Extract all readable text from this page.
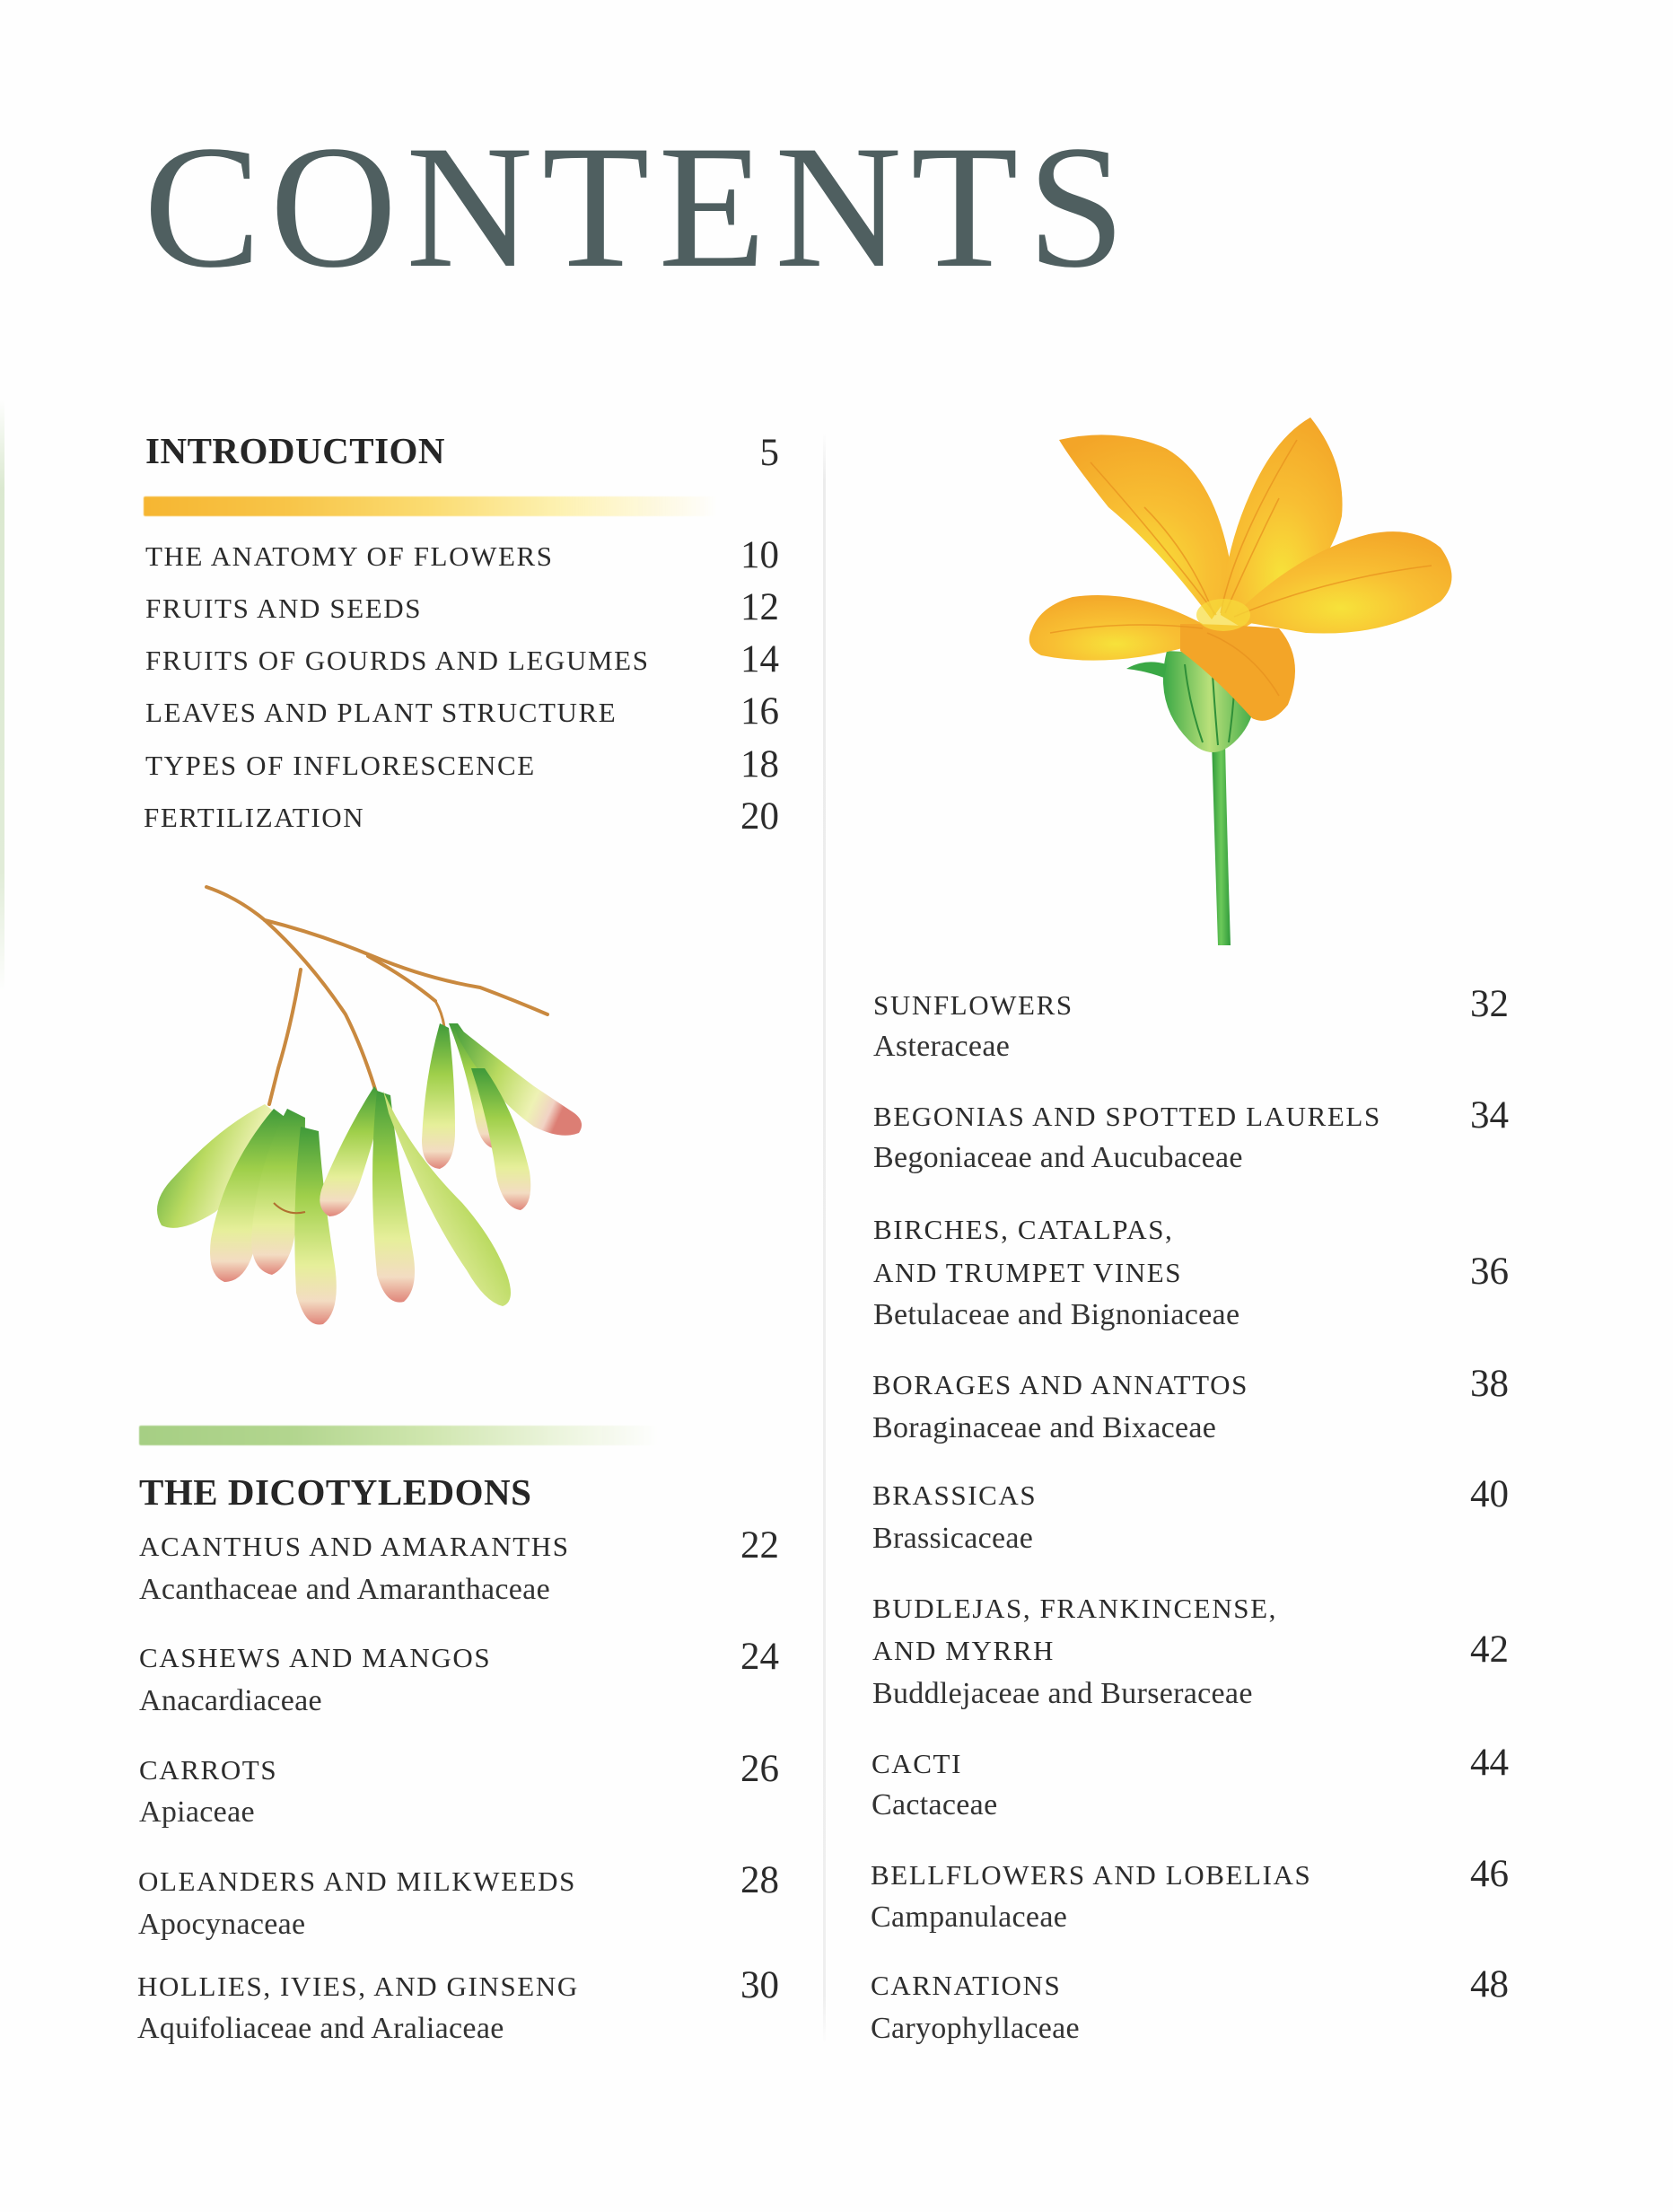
CONTENTS
INTRODUCTION	5
THE ANATOMY OF FLOWERS	10
FRUITS AND SEEDS	12
FRUITS OF GOURDS AND LEGUMES 14
LEAVES AND PLANT STRUCTURE	16
TYPES OF INFLORESCENCE	18
FERTILIZATION	20
THE DICOTYLEDONS
ACANTHUS AND AMARANTHS	22
Acanthaceae and Amaranthaceae
CASHEWS AND MANGOS	24
Anacardiaceae
CARROTS	26
Apiaceae
OLEANDERS AND MILKWEEDS	28
Apocynaceae
HOLLIES, IVIES, AND GINSENG	30
Aquifoliaceae and Araliaceae
SUNFLOWERS	32
Asteraceae
BEGONIAS AND SPOTTED LAURELS 34
Begoniaceae and Aucubaceae
BIRCHES, CATALPAS,
AND TRUMPET VINES	36
Betulaceae and Bignoniaceae
BORAGES AND ANNATTOS	38
Boraginaceae and Bixaceae
BRASSICAS	40
Brassicaceae
BUDLEJAS, FRANKINCENSE,
AND MYRRH	42
Buddlejaceae and Burseraceae
CACTI	44
Cactaceae
BELLFLOWERS AND LOBELIAS	46
Campanulaceae
CARNATIONS	48
Caryophyllaceae
